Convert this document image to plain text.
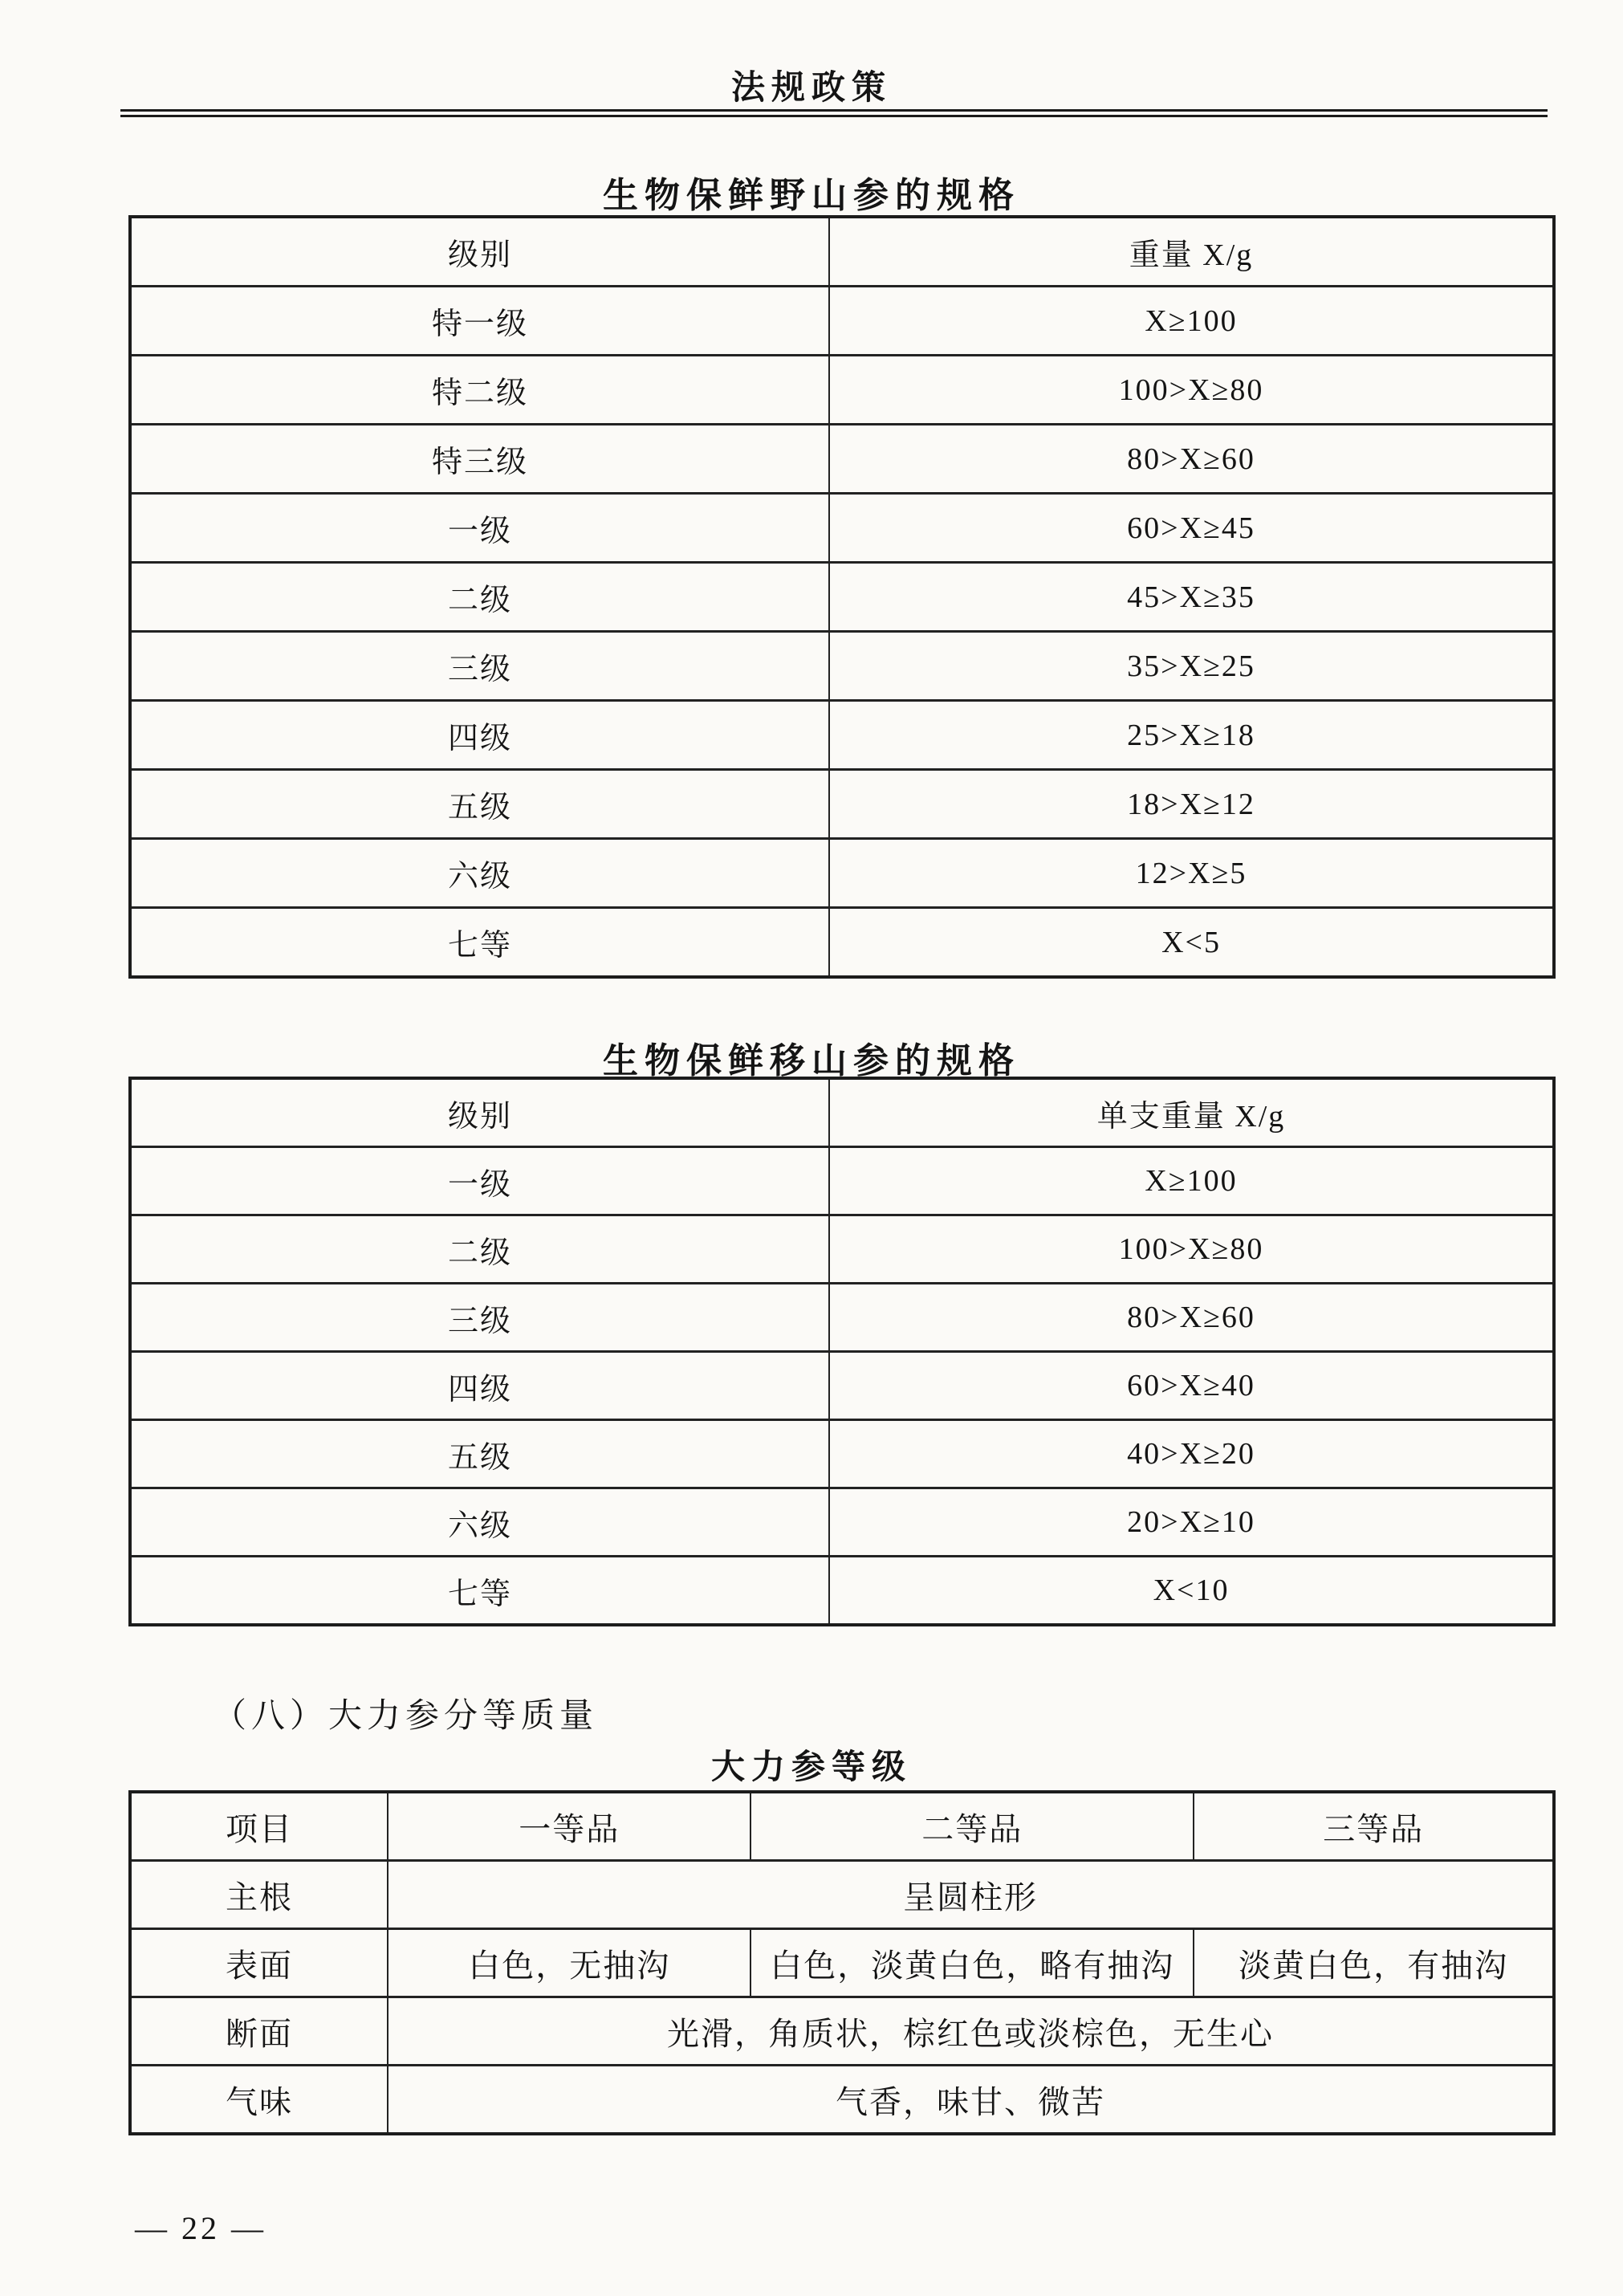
法规政策
生物保鲜野山参的规格
级别	重量 X/g
特一级	X≥100
特二级	100>X≥80
特三级	80>X≥60
一级	60>X≥45
二级	45>X≥35
三级	35>X≥25
四级	25>X≥18
五级	18>X≥12
六级	12>X≥5
七等	X<5
生物保鲜移山参的规格
级别	单支重量 X/g
一级	X≥100
二级	100>X≥80
三级	80>X≥60
四级	60>X≥40
五级	40>X≥20
六级	20>X≥10
七等	X<10
（八）大力参分等质量
大力参等级
项目	一等品	二等品	三等品
主根	呈圆柱形		
表面	白色，无抽沟	白色，淡黄白色，略有抽沟	淡黄白色，有抽沟
断面	光滑，角质状，棕红色或淡棕色，无生心		
气味	气香，味甘、微苦		
— 22 —
